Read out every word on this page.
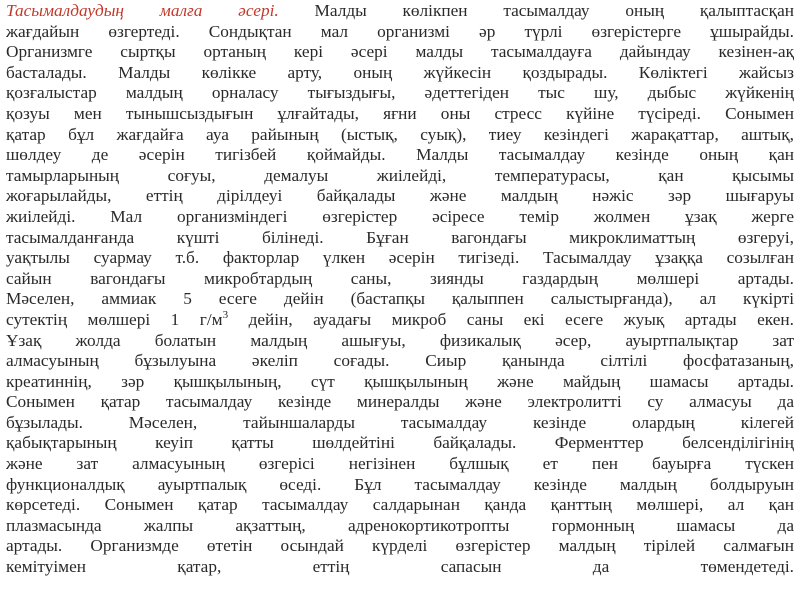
Тасымалдаудың малға әсері. Малды көлікпен тасымалдау оның қалыптасқан
жағдайын өзгертеді. Сондықтан мал организмі әр түрлі өзгерістерге ұшырайды.
Организмге сыртқы ортаның кері әсері малды тасымалдауға дайындау кезінен-ақ
басталады. Малды көлікке арту, оның жүйкесін қоздырады. Көліктегі жайсыз
қозғалыстар малдың орналасу тығыздығы, әдеттегіден тыс шу, дыбыс жүйкенің
қозуы мен тынышсыздығын ұлғайтады, яғни оны стресс күйіне түсіреді. Сонымен
қатар бұл жағдайға ауа райының (ыстық, суық), тиеу кезіндегі жарақаттар, аштық,
шөлдеу де әсерін тигізбей қоймайды. Малды тасымалдау кезінде оның қан
тамырларының соғуы, демалуы жиілейді, температурасы, қан қысымы
жоғарылайды, еттің дірілдеуі байқалады және малдың нәжіс зәр шығаруы
жиілейді. Мал организміндегі өзгерістер әсіресе темір жолмен ұзақ жерге
тасымалданғанда күшті білінеді. Бұған вагондағы микроклиматтың өзгеруі,
уақтылы суармау т.б. факторлар үлкен әсерін тигізеді. Тасымалдау ұзаққа созылған
сайын вагондағы микробтардың саны, зиянды газдардың мөлшері артады.
Мәселен, аммиак 5 есеге дейін (бастапқы қалыппен салыстырғанда), ал күкірті
сутектің мөлшері 1 $г/м^3$ дейін, ауадағы микроб саны екі есеге жуық артады екен.
Ұзақ жолда болатын малдың ашығуы, физикалық әсер, ауыртпалықтар зат
алмасуының бұзылуына әкеліп соғады. Сиыр қанында сілтілі фосфатазаның,
креатиннің, зәр қышқылының, сүт қышқылының және майдың шамасы артады.
Сонымен қатар тасымалдау кезінде минералды және электролитті су алмасуы да
бұзылады. Мәселен, тайыншаларды тасымалдау кезінде олардың кілегей
қабықтарының кеуіп қатты шөлдейтіні байқалады. Ферменттер белсенділігінің
және зат алмасуының өзгерісі негізінен бұлшық ет пен бауырға түскен
функционалдық ауыртпалық өседі. Бұл тасымалдау кезінде малдың болдыруын
көрсетеді. Сонымен қатар тасымалдау салдарынан қанда қанттың мөлшері, ал қан
плазмасында жалпы ақзаттың, адренокортикотропты гормонның шамасы да
артады. Организмде өтетін осындай күрделі өзгерістер малдың тірілей салмағын
кемітуімен қатар, еттің сапасын да төмендетеді.
